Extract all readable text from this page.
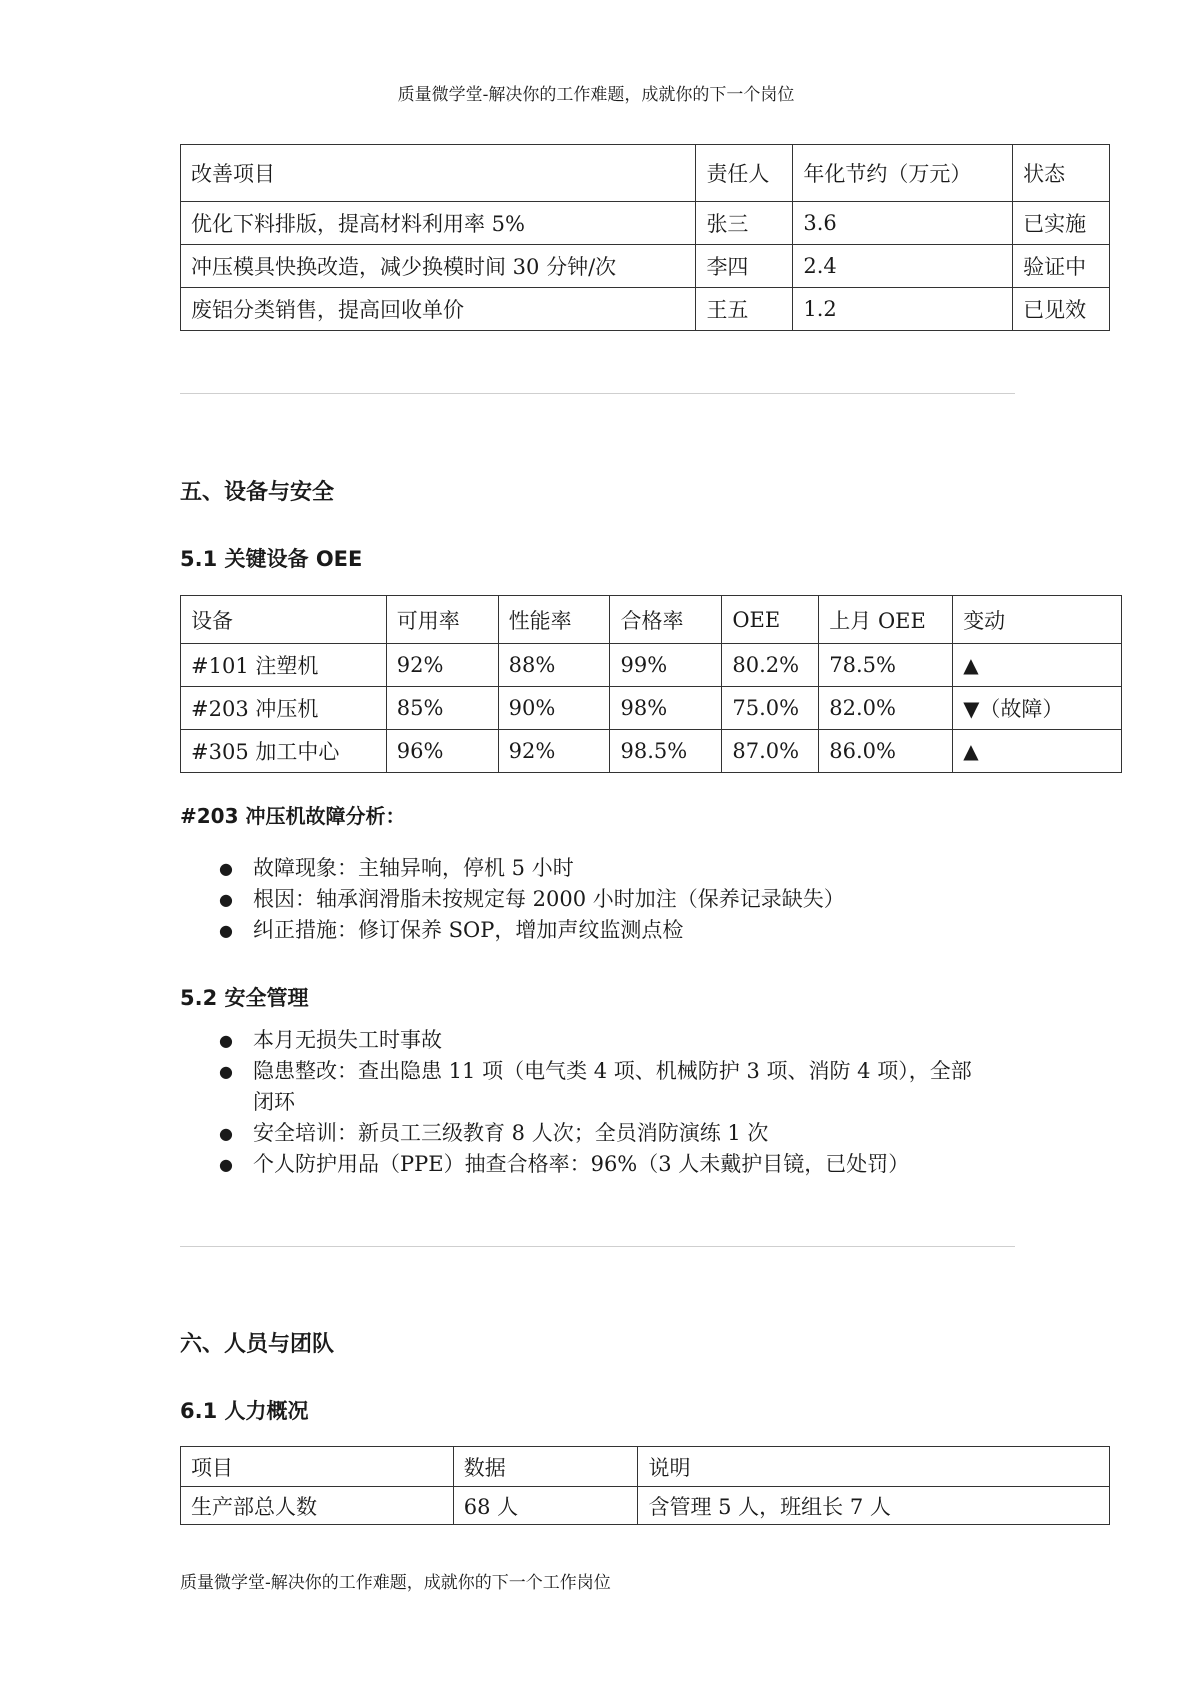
质量微学堂-解决你的工作难题，成就你的下一个岗位
改善项目	责任人	年化节约（万元）	状态
优化下料排版，提高材料利用率 5%	张三	3.6	已实施
冲压模具快换改造，减少换模时间 30 分钟/次	李四	2.4	验证中
废铝分类销售，提高回收单价	王五	1.2	已见效
五、设备与安全
5.1 关键设备 OEE
设备	可用率	性能率	合格率	OEE	上月 OEE	变动
#101 注塑机	92%	88%	99%	80.2%	78.5%	▲
#203 冲压机	85%	90%	98%	75.0%	82.0%	▼（故障）
#305 加工中心	96%	92%	98.5%	87.0%	86.0%	▲
#203 冲压机故障分析：
● 故障现象：主轴异响，停机 5 小时
● 根因：轴承润滑脂未按规定每 2000 小时加注（保养记录缺失）
● 纠正措施：修订保养 SOP，增加声纹监测点检
5.2 安全管理
● 本月无损失工时事故
● 隐患整改：查出隐患 11 项（电气类 4 项、机械防护 3 项、消防 4 项），全部闭环
● 安全培训：新员工三级教育 8 人次；全员消防演练 1 次
● 个人防护用品（PPE）抽查合格率：96%（3 人未戴护目镜，已处罚）
六、人员与团队
6.1 人力概况
项目	数据	说明
生产部总人数	68 人	含管理 5 人，班组长 7 人
质量微学堂-解决你的工作难题，成就你的下一个工作岗位
